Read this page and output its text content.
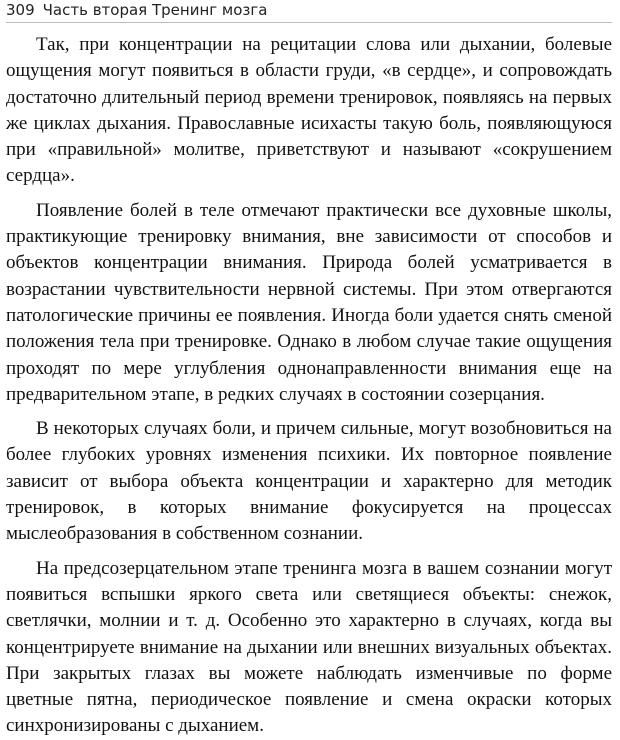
309 Часть вторая Тренинг мозга

Так, при концентрации на рецитации слова или дыхании, болевые ощущения могут появиться в области груди, «в сердце», и сопровождать достаточно длительный период времени тренировок, появляясь на первых же циклах дыхания. Православные исихасты такую боль, появляющуюся при «правильной» молитве, приветствуют и называют «сокрушением сердца».

Появление болей в теле отмечают практически все духовные школы, практикующие тренировку внимания, вне зависимости от способов и объектов концентрации внимания. Природа болей усматривается в возрастании чувствительности нервной системы. При этом отвергаются патологические причины ее появления. Иногда боли удается снять сменой положения тела при тренировке. Однако в любом случае такие ощущения проходят по мере углубления однонаправленности внимания еще на предварительном этапе, в редких случаях в состоянии созерцания.

В некоторых случаях боли, и причем сильные, могут возобновиться на более глубоких уровнях изменения психики. Их повторное появление зависит от выбора объекта концентрации и характерно для методик тренировок, в которых внимание фокусируется на процессах мыслеобразования в собственном сознании.

На предсозерцательном этапе тренинга мозга в вашем сознании могут появиться вспышки яркого света или светящиеся объекты: снежок, светлячки, молнии и т. д. Особенно это характерно в случаях, когда вы концентрируете внимание на дыхании или внешних визуальных объектах. При закрытых глазах вы можете наблюдать изменчивые по форме цветные пятна, периодическое появление и смена окраски которых синхронизированы с дыханием.
